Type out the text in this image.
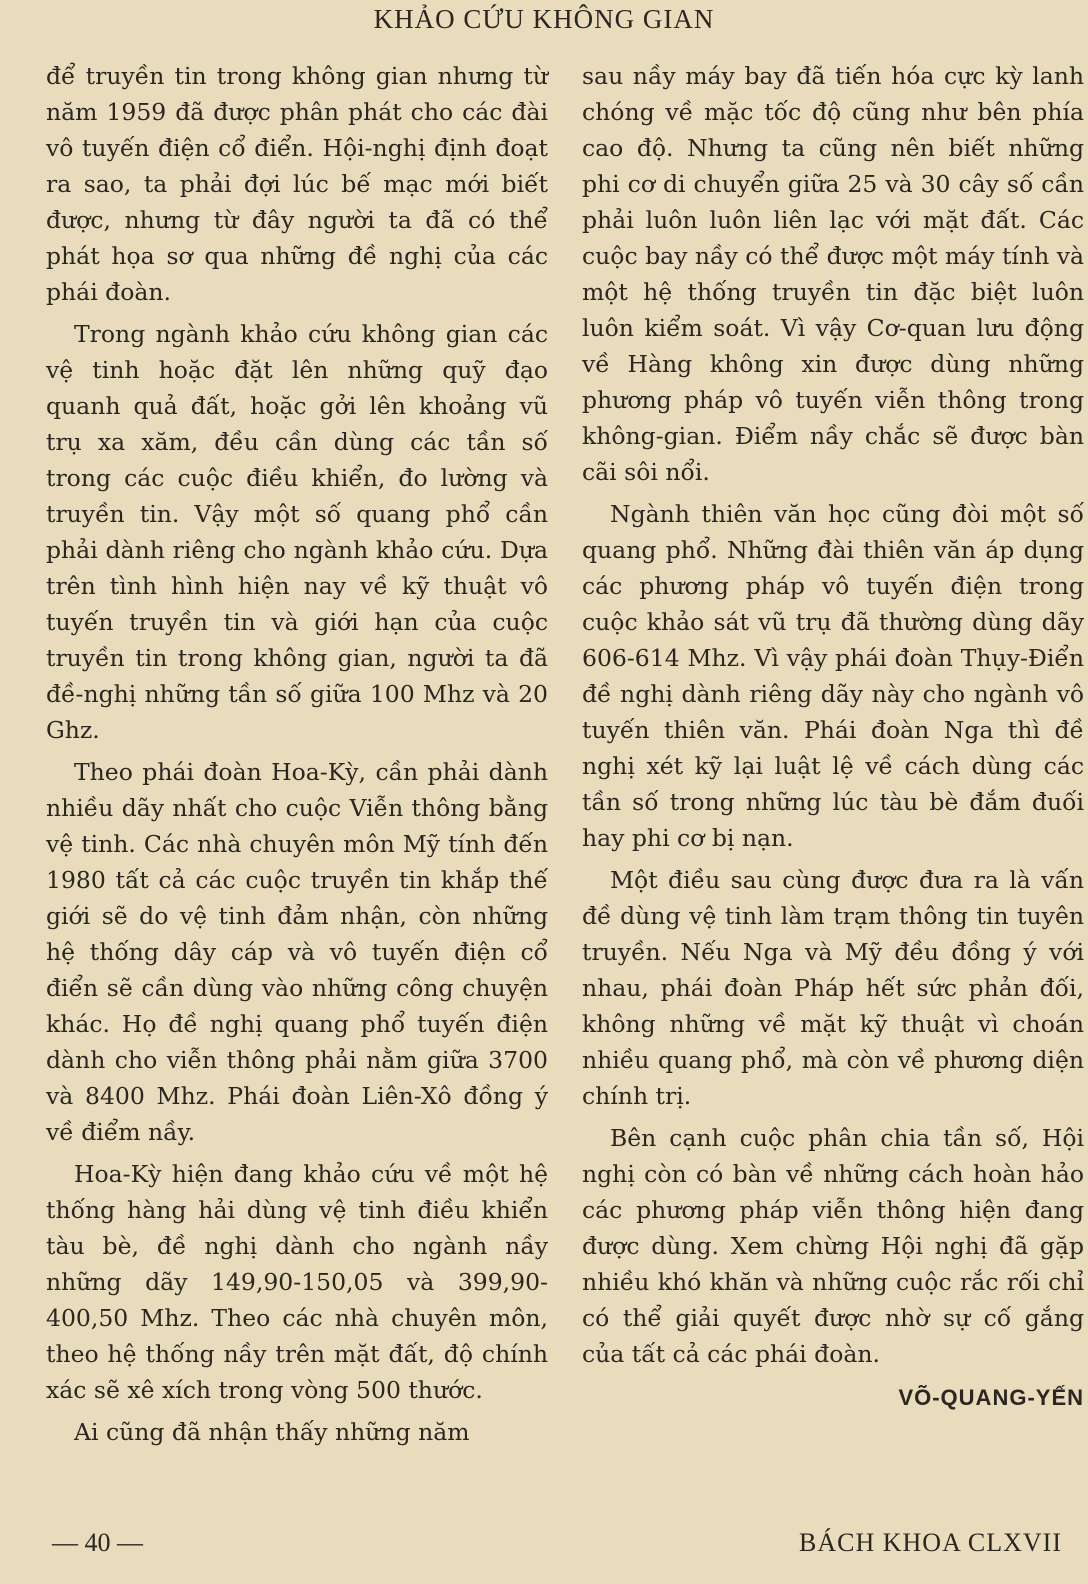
KHẢO CỨU KHÔNG GIAN

để truyền tin trong không gian nhưng từ năm 1959 đã được phân phát cho các đài vô tuyến điện cổ điển. Hội-nghị định đoạt ra sao, ta phải đợi lúc bế mạc mới biết được, nhưng từ đây người ta đã có thể phát họa sơ qua những đề nghị của các phái đoàn.

Trong ngành khảo cứu không gian các vệ tinh hoặc đặt lên những quỹ đạo quanh quả đất, hoặc gởi lên khoảng vũ trụ xa xăm, đều cần dùng các tần số trong các cuộc điều khiển, đo lường và truyền tin. Vậy một số quang phổ cần phải dành riêng cho ngành khảo cứu. Dựa trên tình hình hiện nay về kỹ thuật vô tuyến truyền tin và giới hạn của cuộc truyền tin trong không gian, người ta đã đề-nghị những tần số giữa 100 Mhz và 20 Ghz.

Theo phái đoàn Hoa-Kỳ, cần phải dành nhiều dãy nhất cho cuộc Viễn thông bằng vệ tinh. Các nhà chuyên môn Mỹ tính đến 1980 tất cả các cuộc truyền tin khắp thế giới sẽ do vệ tinh đảm nhận, còn những hệ thống dây cáp và vô tuyến điện cổ điển sẽ cần dùng vào những công chuyện khác. Họ đề nghị quang phổ tuyến điện dành cho viễn thông phải nằm giữa 3700 và 8400 Mhz. Phái đoàn Liên-Xô đồng ý về điểm nầy.

Hoa-Kỳ hiện đang khảo cứu về một hệ thống hàng hải dùng vệ tinh điều khiển tàu bè, đề nghị dành cho ngành nầy những dãy 149,90-150,05 và 399,90-400,50 Mhz. Theo các nhà chuyên môn, theo hệ thống nầy trên mặt đất, độ chính xác sẽ xê xích trong vòng 500 thước.

Ai cũng đã nhận thấy những năm

sau nầy máy bay đã tiến hóa cực kỳ lanh chóng về mặc tốc độ cũng như bên phía cao độ. Nhưng ta cũng nên biết những phi cơ di chuyển giữa 25 và 30 cây số cần phải luôn luôn liên lạc với mặt đất. Các cuộc bay nầy có thể được một máy tính và một hệ thống truyền tin đặc biệt luôn luôn kiểm soát. Vì vậy Cơ-quan lưu động về Hàng không xin được dùng những phương pháp vô tuyến viễn thông trong không-gian. Điểm nầy chắc sẽ được bàn cãi sôi nổi.

Ngành thiên văn học cũng đòi một số quang phổ. Những đài thiên văn áp dụng các phương pháp vô tuyến điện trong cuộc khảo sát vũ trụ đã thường dùng dãy 606-614 Mhz. Vì vậy phái đoàn Thụy-Điển đề nghị dành riêng dãy này cho ngành vô tuyến thiên văn. Phái đoàn Nga thì đề nghị xét kỹ lại luật lệ về cách dùng các tần số trong những lúc tàu bè đắm đuối hay phi cơ bị nạn.

Một điều sau cùng được đưa ra là vấn đề dùng vệ tinh làm trạm thông tin tuyên truyền. Nếu Nga và Mỹ đều đồng ý với nhau, phái đoàn Pháp hết sức phản đối, không những về mặt kỹ thuật vì choán nhiều quang phổ, mà còn về phương diện chính trị.

Bên cạnh cuộc phân chia tần số, Hội nghị còn có bàn về những cách hoàn hảo các phương pháp viễn thông hiện đang được dùng. Xem chừng Hội nghị đã gặp nhiều khó khăn và những cuộc rắc rối chỉ có thể giải quyết được nhờ sự cố gắng của tất cả các phái đoàn.

VÕ-QUANG-YẾN
— 40 —	BÁCH KHOA CLXVII
